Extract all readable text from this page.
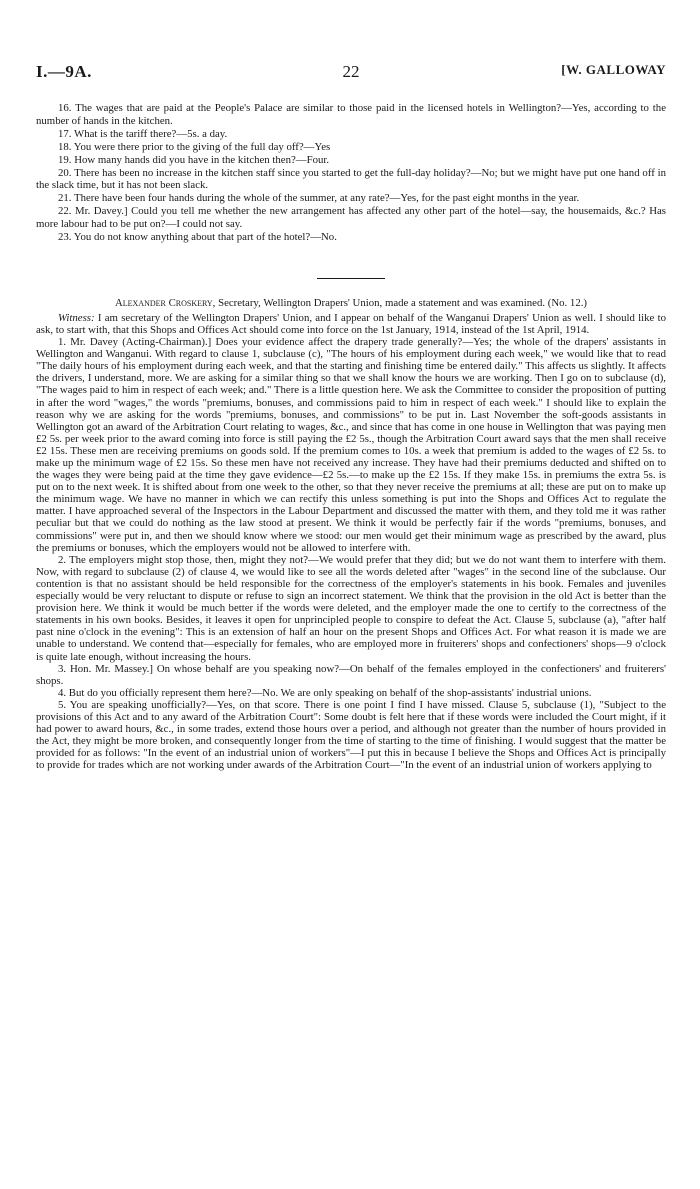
I.—9A.	22	[W. GALLOWAY

16. The wages that are paid at the People's Palace are similar to those paid in the licensed hotels in Wellington?—Yes, according to the number of hands in the kitchen.

17. What is the tariff there?—5s. a day.

18. You were there prior to the giving of the full day off?—Yes

19. How many hands did you have in the kitchen then?—Four.

20. There has been no increase in the kitchen staff since you started to get the full-day holiday?—No; but we might have put one hand off in the slack time, but it has not been slack.

21. There have been four hands during the whole of the summer, at any rate?—Yes, for the past eight months in the year.

22. Mr. Davey.] Could you tell me whether the new arrangement has affected any other part of the hotel—say, the housemaids, &c.? Has more labour had to be put on?—I could not say.

23. You do not know anything about that part of the hotel?—No.

Alexander Croskery, Secretary, Wellington Drapers' Union, made a statement and was examined. (No. 12.)

Witness: I am secretary of the Wellington Drapers' Union, and I appear on behalf of the Wanganui Drapers' Union as well. I should like to ask, to start with, that this Shops and Offices Act should come into force on the 1st January, 1914, instead of the 1st April, 1914.

1. Mr. Davey (Acting-Chairman).] Does your evidence affect the drapery trade generally?—Yes; the whole of the drapers' assistants in Wellington and Wanganui. With regard to clause 1, subclause (c), "The hours of his employment during each week," we would like that to read "The daily hours of his employment during each week, and that the starting and finishing time be entered daily." This affects us slightly. It affects the drivers, I understand, more. We are asking for a similar thing so that we shall know the hours we are working. Then I go on to subclause (d), "The wages paid to him in respect of each week; and." There is a little question here. We ask the Committee to consider the proposition of putting in after the word "wages," the words "premiums, bonuses, and commissions paid to him in respect of each week." I should like to explain the reason why we are asking for the words "premiums, bonuses, and commissions" to be put in. Last November the soft-goods assistants in Wellington got an award of the Arbitration Court relating to wages, &c., and since that has come in one house in Wellington that was paying men £2 5s. per week prior to the award coming into force is still paying the £2 5s., though the Arbitration Court award says that the men shall receive £2 15s. These men are receiving premiums on goods sold. If the premium comes to 10s. a week that premium is added to the wages of £2 5s. to make up the minimum wage of £2 15s. So these men have not received any increase. They have had their premiums deducted and shifted on to the wages they were being paid at the time they gave evidence—£2 5s.—to make up the £2 15s. If they make 15s. in premiums the extra 5s. is put on to the next week. It is shifted about from one week to the other, so that they never receive the premiums at all; these are put on to make up the minimum wage. We have no manner in which we can rectify this unless something is put into the Shops and Offices Act to regulate the matter. I have approached several of the Inspectors in the Labour Department and discussed the matter with them, and they told me it was rather peculiar but that we could do nothing as the law stood at present. We think it would be perfectly fair if the words "premiums, bonuses, and commissions" were put in, and then we should know where we stood: our men would get their minimum wage as prescribed by the award, plus the premiums or bonuses, which the employers would not be allowed to interfere with.

2. The employers might stop those, then, might they not?—We would prefer that they did; but we do not want them to interfere with them. Now, with regard to subclause (2) of clause 4, we would like to see all the words deleted after "wages" in the second line of the subclause. Our contention is that no assistant should be held responsible for the correctness of the employer's statements in his book. Females and juveniles especially would be very reluctant to dispute or refuse to sign an incorrect statement. We think that the provision in the old Act is better than the provision here. We think it would be much better if the words were deleted, and the employer made the one to certify to the correctness of the statements in his own books. Besides, it leaves it open for unprincipled people to conspire to defeat the Act. Clause 5, subclause (a), "after half past nine o'clock in the evening": This is an extension of half an hour on the present Shops and Offices Act. For what reason it is made we are unable to understand. We contend that—especially for females, who are employed more in fruiterers' shops and confectioners' shops—9 o'clock is quite late enough, without increasing the hours.

3. Hon. Mr. Massey.] On whose behalf are you speaking now?—On behalf of the females employed in the confectioners' and fruiterers' shops.

4. But do you officially represent them here?—No. We are only speaking on behalf of the shop-assistants' industrial unions.

5. You are speaking unofficially?—Yes, on that score. There is one point I find I have missed. Clause 5, subclause (1), "Subject to the provisions of this Act and to any award of the Arbitration Court": Some doubt is felt here that if these words were included the Court might, if it had power to award hours, &c., in some trades, extend those hours over a period, and although not greater than the number of hours provided in the Act, they might be more broken, and consequently longer from the time of starting to the time of finishing. I would suggest that the matter be provided for as follows: "In the event of an industrial union of workers"—I put this in because I believe the Shops and Offices Act is principally to provide for trades which are not working under awards of the Arbitration Court—"In the event of an industrial union of workers applying to
